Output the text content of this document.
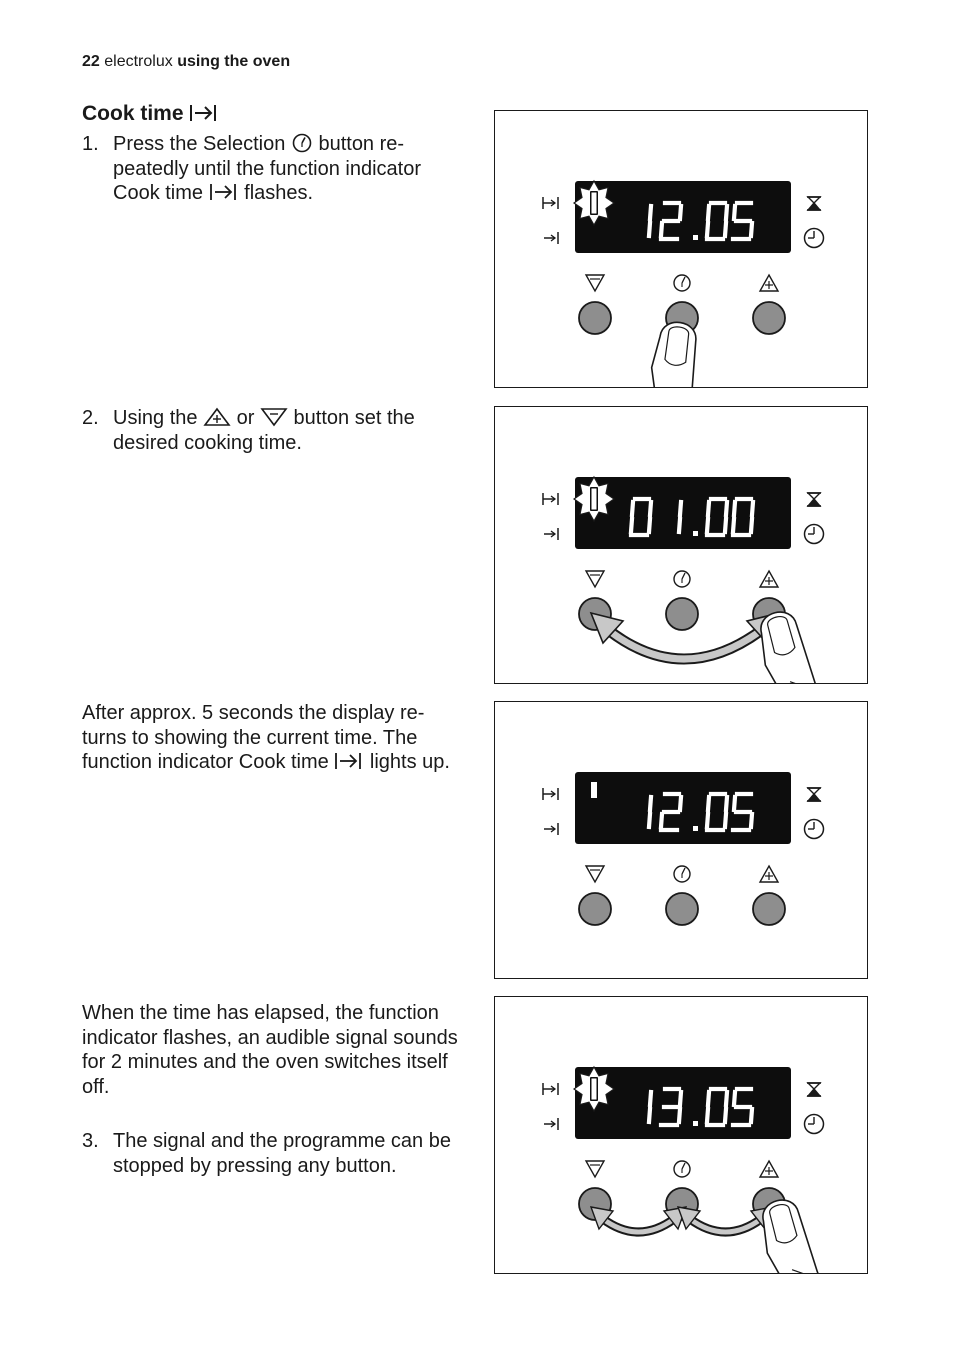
22 electrolux using the oven
Cook time
1. Press the Selection button re-peatedly until the function indicator Cook time flashes.
2. Using the or button set the desired cooking time.
After approx. 5 seconds the display re-turns to showing the current time. The function indicator Cook time lights up.
When the time has elapsed, the function indicator flashes, an audible signal sounds for 2 minutes and the oven switches itself off.
3. The signal and the programme can be stopped by pressing any button.
